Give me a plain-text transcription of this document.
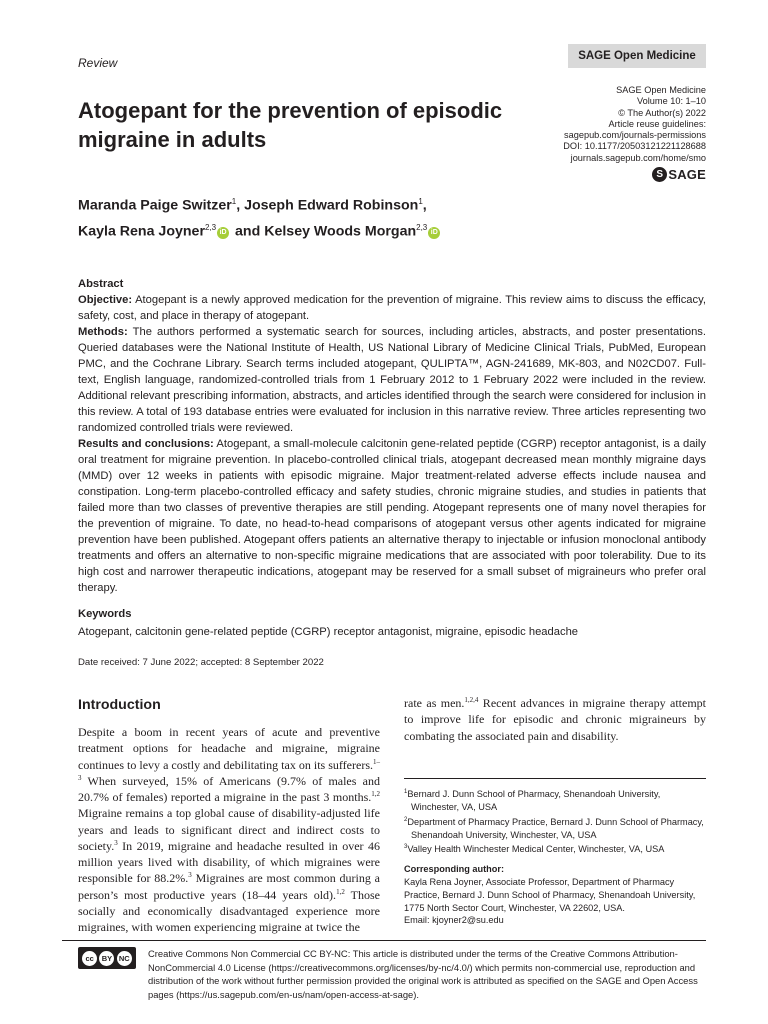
Review	SAGE Open Medicine
SAGE Open Medicine
Volume 10: 1–10
© The Author(s) 2022
Article reuse guidelines:
sagepub.com/journals-permissions
DOI: 10.1177/20503121221128688
journals.sagepub.com/home/smo
S SAGE
Atogepant for the prevention of episodic migraine in adults
Maranda Paige Switzer$^1$, Joseph Edward Robinson$^1$,
Kayla Rena Joyner$^{2,3}$iD and Kelsey Woods Morgan$^{2,3}$iD

Abstract

Objective: Atogepant is a newly approved medication for the prevention of migraine. This review aims to discuss the efficacy, safety, cost, and place in therapy of atogepant.

Methods: The authors performed a systematic search for sources, including articles, abstracts, and poster presentations. Queried databases were the National Institute of Health, US National Library of Medicine Clinical Trials, PubMed, European PMC, and the Cochrane Library. Search terms included atogepant, QULIPTA™, AGN-241689, MK-803, and N02CD07. Full-text, English language, randomized-controlled trials from 1 February 2012 to 1 February 2022 were included in the review. Additional relevant prescribing information, abstracts, and articles identified through the search were considered for inclusion in this review. A total of 193 database entries were evaluated for inclusion in this narrative review. Three articles representing two randomized controlled trials were reviewed.

Results and conclusions: Atogepant, a small-molecule calcitonin gene-related peptide (CGRP) receptor antagonist, is a daily oral treatment for migraine prevention. In placebo-controlled clinical trials, atogepant decreased mean monthly migraine days (MMD) over 12 weeks in patients with episodic migraine. Major treatment-related adverse effects include nausea and constipation. Long-term placebo-controlled efficacy and safety studies, chronic migraine studies, and studies in patients that failed more than two classes of preventive therapies are still pending. Atogepant represents one of many novel therapies for the prevention of migraine. To date, no head-to-head comparisons of atogepant versus other agents indicated for migraine prevention have been published. Atogepant offers patients an alternative therapy to injectable or infusion monoclonal antibody treatments and offers an alternative to non-specific migraine medications that are associated with poor tolerability. Due to its high cost and narrower therapeutic indications, atogepant may be reserved for a small subset of migraineurs who prefer oral therapy.

Keywords
Atogepant, calcitonin gene-related peptide (CGRP) receptor antagonist, migraine, episodic headache
Date received: 7 June 2022; accepted: 8 September 2022
Introduction

Despite a boom in recent years of acute and preventive treatment options for headache and migraine, migraine continues to levy a costly and debilitating tax on its sufferers.$^{1-3}$ When surveyed, 15% of Americans (9.7% of males and 20.7% of females) reported a migraine in the past 3 months.$^{1,2}$ Migraine remains a top global cause of disability-adjusted life years and leads to significant direct and indirect costs to society.$^3$ In 2019, migraine and headache resulted in over 46 million years lived with disability, of which migraines were responsible for 88.2%.$^3$ Migraines are most common during a person’s most productive years (18–44 years old).$^{1,2}$ Those socially and economically disadvantaged experience more migraines, with women experiencing migraine at twice the

rate as men.$^{1,2,4}$ Recent advances in migraine therapy attempt to improve life for episodic and chronic migraineurs by combating the associated pain and disability.

$^1$Bernard J. Dunn School of Pharmacy, Shenandoah University,
Winchester, VA, USA
$^2$Department of Pharmacy Practice, Bernard J. Dunn School of Pharmacy,
Shenandoah University, Winchester, VA, USA
$^3$Valley Health Winchester Medical Center, Winchester, VA, USA
Corresponding author:
Kayla Rena Joyner, Associate Professor, Department of Pharmacy
Practice, Bernard J. Dunn School of Pharmacy, Shenandoah University,
1775 North Sector Court, Winchester, VA 22602, USA.
Email: kjoyner2@su.edu
Creative Commons Non Commercial CC BY-NC: This article is distributed under the terms of the Creative Commons Attribution-NonCommercial 4.0 License (https://creativecommons.org/licenses/by-nc/4.0/) which permits non-commercial use, reproduction and distribution of the work without further permission provided the original work is attributed as specified on the SAGE and Open Access pages (https://us.sagepub.com/en-us/nam/open-access-at-sage).
cc	BY NC
